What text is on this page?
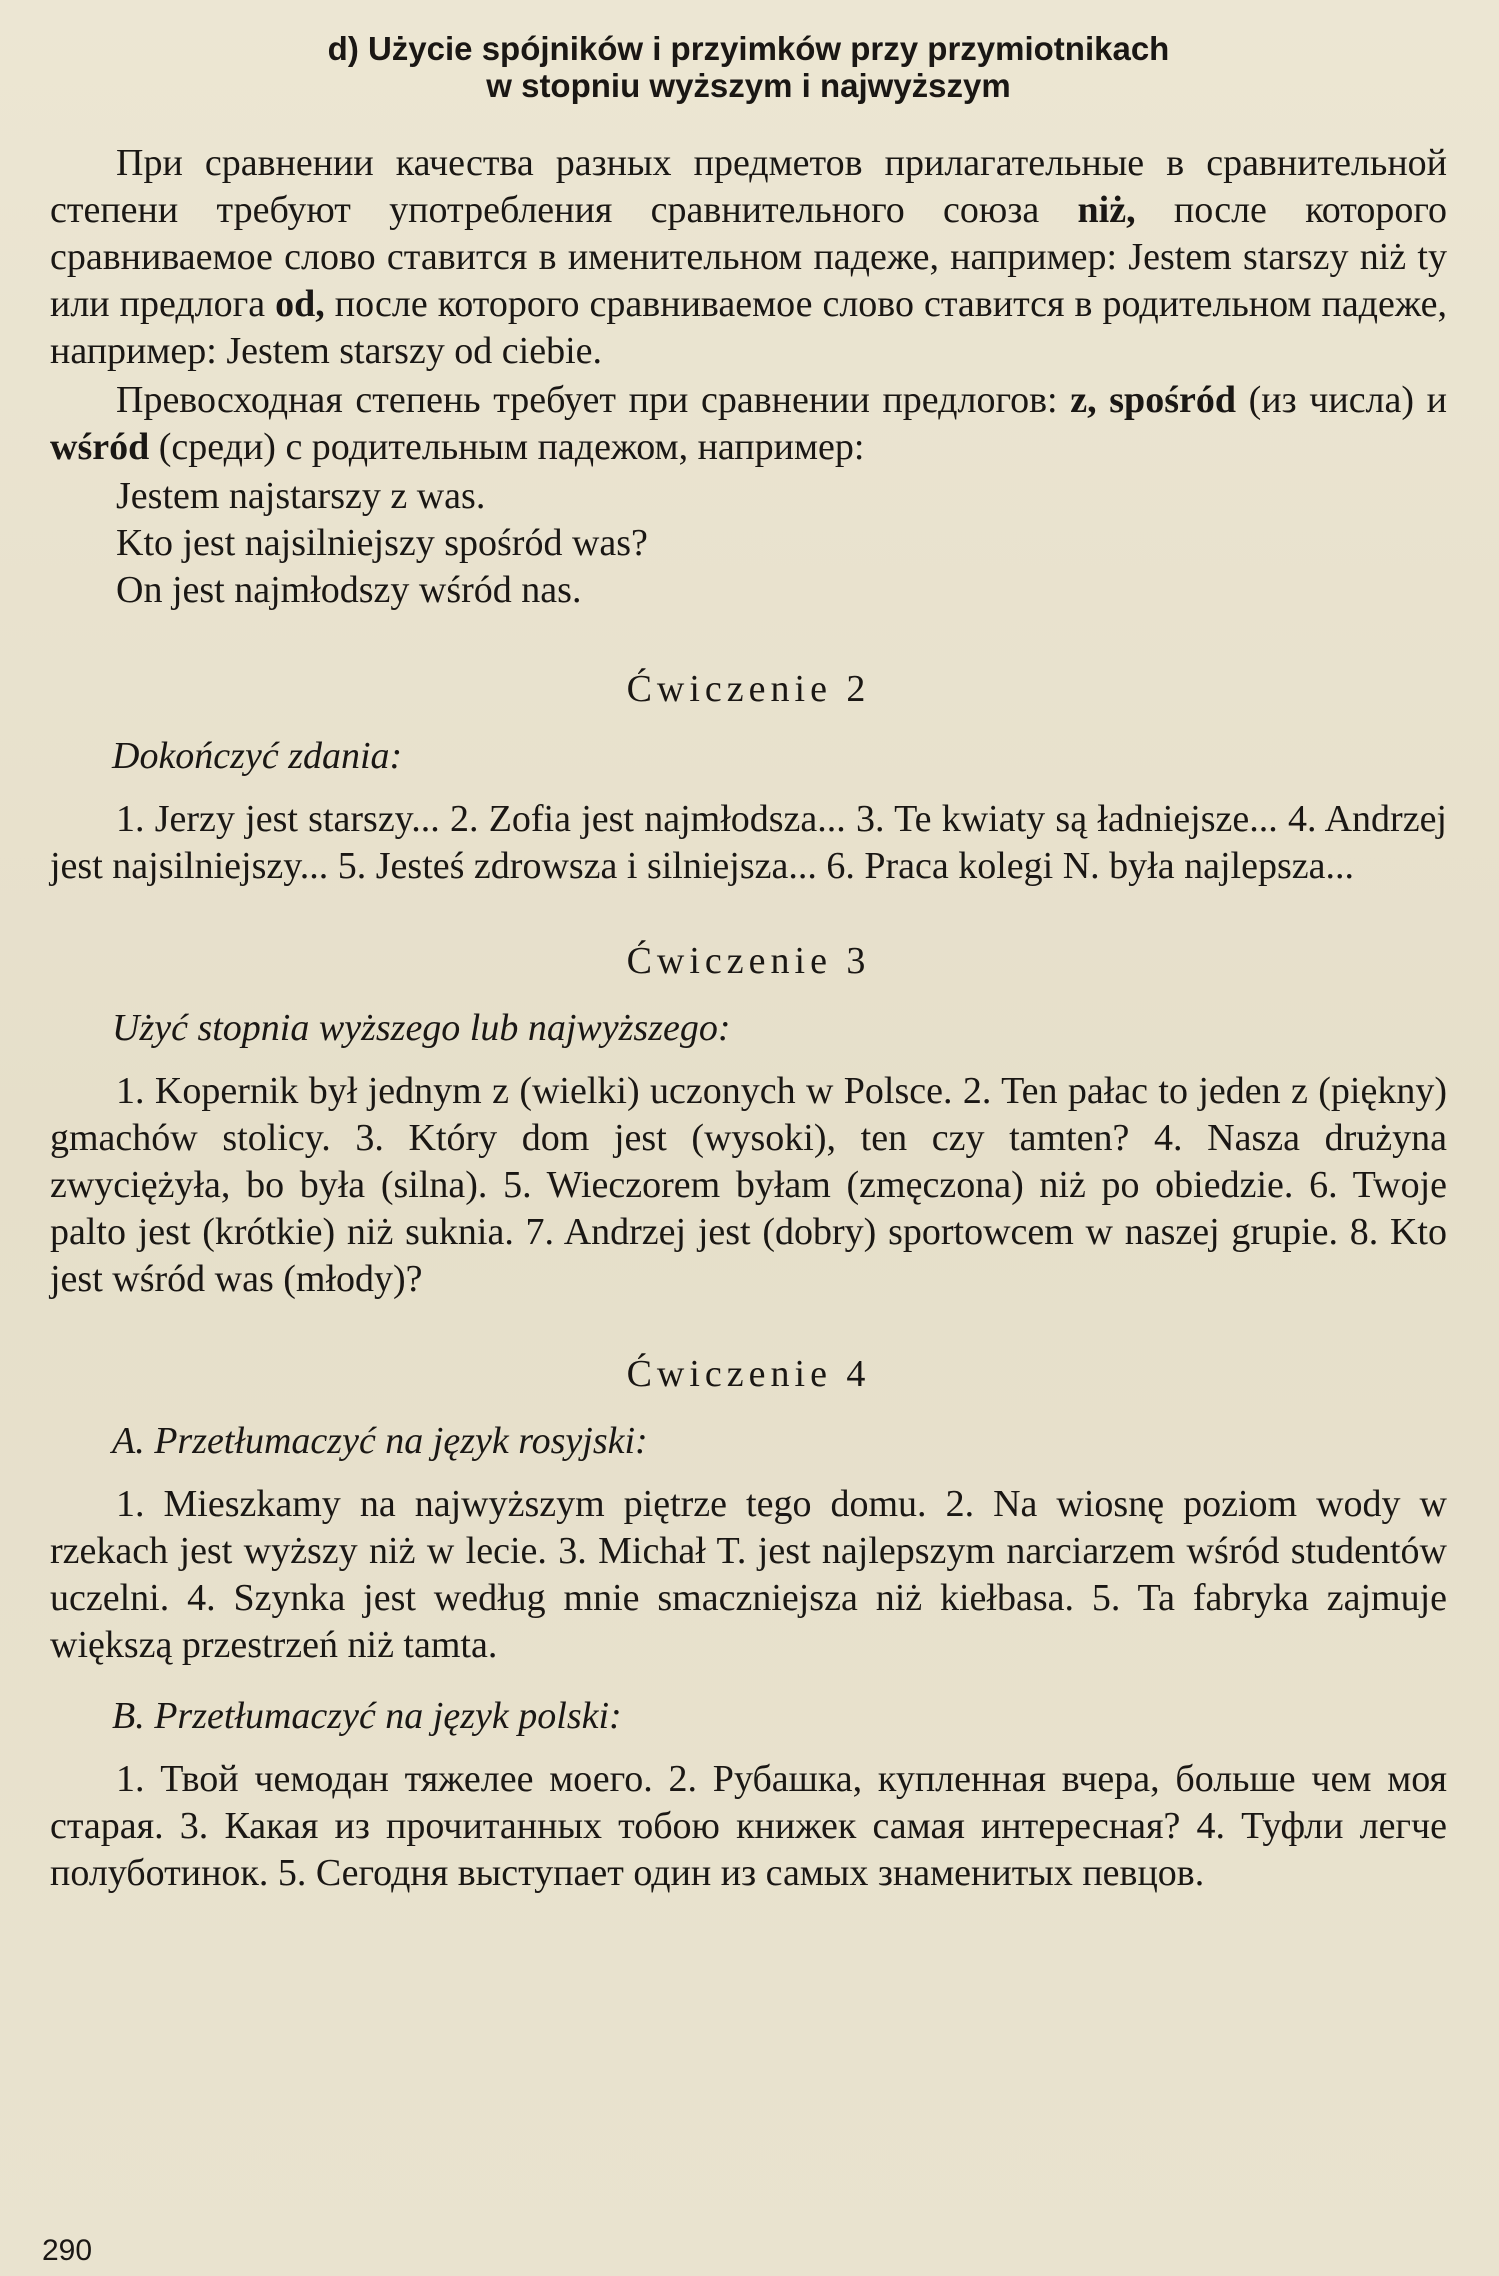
d) Użycie spójników i przyimków przy przymiotnikach
w stopniu wyższym i najwyższym

При сравнении качества разных предметов прилагательные в сравнительной степени требуют употребления сравнительного союза niż, после которого сравниваемое слово ставится в именительном падеже, например: Jestem starszy niż ty или предлога od, после которого сравниваемое слово ставится в родительном падеже, например: Jestem starszy od ciebie.

Превосходная степень требует при сравнении предлогов: z, spośród (из числа) и wśród (среди) с родительным падежом, например:

Jestem najstarszy z was.
Kto jest najsilniejszy spośród was?
On jest najmłodszy wśród nas.
Ćwiczenie 2
Dokończyć zdania:

1. Jerzy jest starszy... 2. Zofia jest najmłodsza... 3. Te kwiaty są ładniejsze... 4. Andrzej jest najsilniejszy... 5. Jesteś zdrowsza i silniejsza... 6. Praca kolegi N. była najlepsza...

Ćwiczenie 3
Użyć stopnia wyższego lub najwyższego:

1. Kopernik był jednym z (wielki) uczonych w Polsce. 2. Ten pałac to jeden z (piękny) gmachów stolicy. 3. Który dom jest (wysoki), ten czy tamten? 4. Nasza drużyna zwyciężyła, bo była (silna). 5. Wieczorem byłam (zmęczona) niż po obiedzie. 6. Twoje palto jest (krótkie) niż suknia. 7. Andrzej jest (dobry) sportowcem w naszej grupie. 8. Kto jest wśród was (młody)?

Ćwiczenie 4
A. Przetłumaczyć na język rosyjski:

1. Mieszkamy na najwyższym piętrze tego domu. 2. Na wiosnę poziom wody w rzekach jest wyższy niż w lecie. 3. Michał T. jest najlepszym narciarzem wśród studentów uczelni. 4. Szynka jest według mnie smaczniejsza niż kiełbasa. 5. Ta fabryka zajmuje większą przestrzeń niż tamta.

B. Przetłumaczyć na język polski:

1. Твой чемодан тяжелее моего. 2. Рубашка, купленная вчера, больше чем моя старая. 3. Какая из прочитанных тобою книжек самая интересная? 4. Туфли легче полуботинок. 5. Сегодня выступает один из самых знаменитых певцов.

290
